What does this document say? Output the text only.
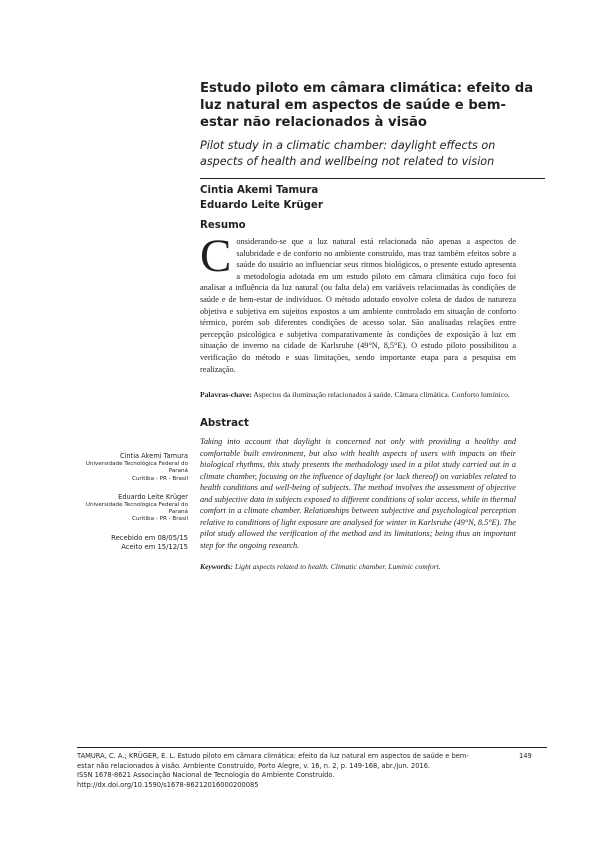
Estudo piloto em câmara climática: efeito da luz natural em aspectos de saúde e bem-estar não relacionados à visão
Pilot study in a climatic chamber: daylight effects on aspects of health and wellbeing not related to vision
Cintia Akemi Tamura
Eduardo Leite Krüger
Resumo
Considerando-se que a luz natural está relacionada não apenas a aspectos de salubridade e de conforto no ambiente construído, mas traz também efeitos sobre a saúde do usuário ao influenciar seus ritmos biológicos, o presente estudo apresenta a metodologia adotada em um estudo piloto em câmara climática cujo foco foi analisar a influência da luz natural (ou falta dela) em variáveis relacionadas às condições de saúde e de bem-estar de indivíduos. O método adotado envolve coleta de dados de natureza objetiva e subjetiva em sujeitos expostos a um ambiente controlado em situação de conforto térmico, porém sob diferentes condições de acesso solar. São analisadas relações entre percepção psicológica e subjetiva comparativamente às condições de exposição à luz em situação de inverno na cidade de Karlsruhe (49°N, 8,5°E). O estudo piloto possibilitou a verificação do método e suas limitações, sendo importante etapa para a pesquisa em realização.
Palavras-chave: Aspectos da iluminação relacionados à saúde. Câmara climática. Conforto lumínico.
Abstract
Taking into account that daylight is concerned not only with providing a healthy and comfortable built environment, but also with health aspects of users with impacts on their biological rhythms, this study presents the methodology used in a pilot study carried out in a climate chamber, focusing on the influence of daylight (or lack thereof) on variables related to health conditions and well-being of subjects. The method involves the assessment of objective and subjective data in subjects exposed to different conditions of solar access, while in thermal comfort in a climate chamber. Relationships between subjective and psychological perception relative to conditions of light exposure are analysed for winter in Karlsruhe (49°N, 8.5°E). The pilot study allowed the verification of the method and its limitations; being thus an important step for the ongoing research.
Keywords: Light aspects related to health. Climatic chamber. Luminic comfort.
Cintia Akemi Tamura
Universidade Tecnológica Federal do
Paraná
Curitiba - PR - Brasil
Eduardo Leite Krüger
Universidade Tecnológica Federal do
Paraná
Curitiba - PR - Brasil
Recebido em 08/05/15
Aceito em 15/12/15
TAMURA, C. A.; KRÜGER, E. L. Estudo piloto em câmara climática: efeito da luz natural em aspectos de saúde e bem-
estar não relacionados à visão. Ambiente Construído, Porto Alegre, v. 16, n. 2, p. 149-168, abr./jun. 2016.
ISSN 1678-8621 Associação Nacional de Tecnologia do Ambiente Construído.
http://dx.doi.org/10.1590/s1678-86212016000200085
149
